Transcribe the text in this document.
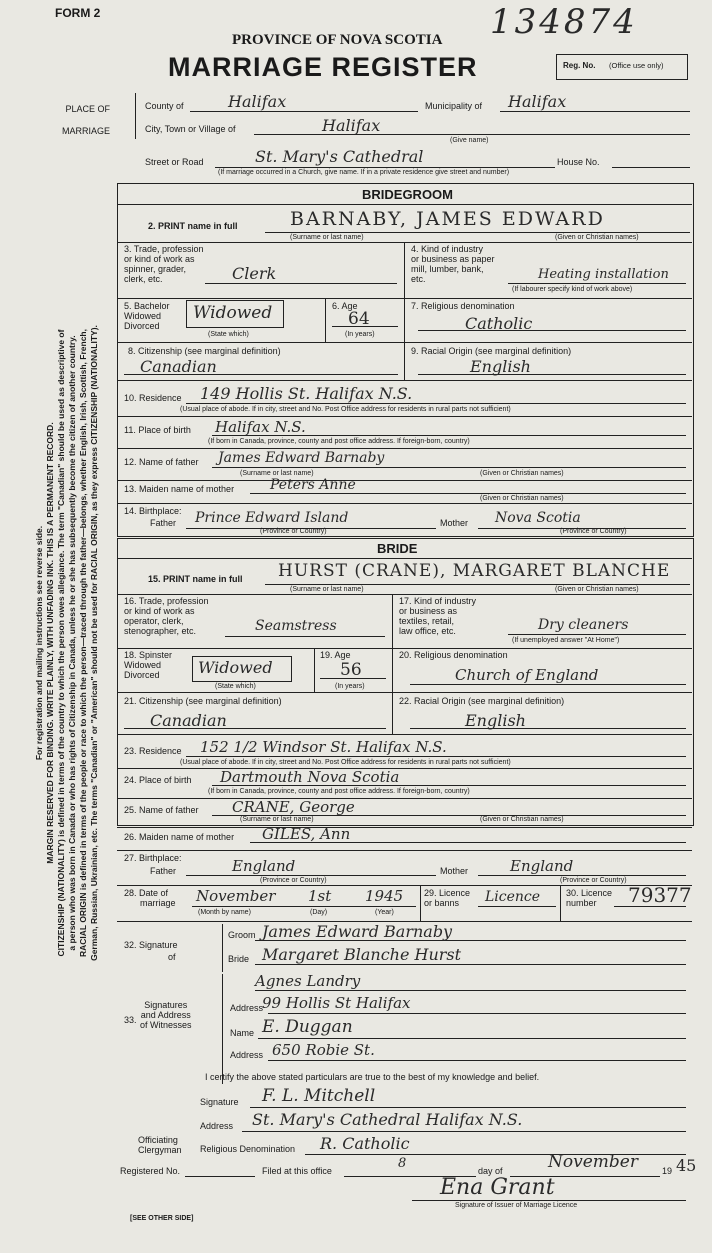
FORM 2	134874
PROVINCE OF NOVA SCOTIA
MARRIAGE REGISTER	Reg. No. (Office use only)
For registration and mailing instructions see reverse side. MARGIN RESERVED FOR BINDING. WRITE PLAINLY, WITH UNFADING INK. THIS IS A PERMANENT RECORD. CITIZENSHIP (NATIONALITY) is defined in terms of the country to which the person owes allegiance. The term "Canadian" should be used as descriptive of a person who was born in Canada or who has rights of Citizenship in Canada, unless he or she has subsequently become the citizen of another country. RACIAL ORIGIN is defined in terms of the people or race to which the person—traced through the father—belongs, whether English, Irish, Scottish, French, German, Russian, Ukrainian, etc. The terms "Canadian" or "American" should not be used for RACIAL ORIGIN, as they express CITIZENSHIP (NATIONALITY).
PLACE OF
MARRIAGE
County of	Halifax	Municipality of Halifax
City, Town or Village of	Halifax
(Give name)
Street or Road	St. Mary's Cathedral	House No.
(If marriage occurred in a Church, give name. If in a private residence give street and number)
BRIDEGROOM
2. PRINT name in full	BARNABY, JAMES EDWARD
(Surname or last name)	(Given or Christian names)
3. Trade, profession
or kind of work as
spinner, grader,
clerk, etc.	Clerk
4. Kind of industry
or business as paper
mill, lumber, bank,
etc.	Heating installation
(If labourer specify kind of work above)
5. Bachelor
Widowed
Divorced
Widowed
(State which)
6. Age
64
(In years)
7. Religious denomination
Catholic
8. Citizenship (see marginal definition)
Canadian
9. Racial Origin (see marginal definition)
English
10. Residence 149 Hollis St. Halifax N.S.
(Usual place of abode. If in city, street and No. Post Office address for residents in rural parts not sufficient)
11. Place of birth Halifax N.S.
(If born in Canada, province, county and post office address. If foreign-born, country)
12. Name of father James Edward Barnaby
(Surname or last name)	(Given or Christian names)
13. Maiden name of mother	Peters Anne
(Given or Christian names)
14. Birthplace:
Father Prince Edward Island	Mother Nova Scotia
(Province or Country)	(Province or Country)
BRIDE
15. PRINT name in full HURST (CRANE), MARGARET BLANCHE
(Surname or last name)	(Given or Christian names)
16. Trade, profession
or kind of work as
operator, clerk,
stenographer, etc.	Seamstress
17. Kind of industry
or business as
textiles, retail,
law office, etc.	Dry cleaners
(If unemployed answer "At Home")
18. Spinster
Widowed
Divorced	Widowed
(State which)
19. Age
56
(In years)
20. Religious denomination
Church of England
21. Citizenship (see marginal definition)
Canadian
22. Racial Origin (see marginal definition)
English
23. Residence 152 1/2 Windsor St. Halifax N.S.
(Usual place of abode. If in city, street and No. Post Office address for residents in rural parts not sufficient)
24. Place of birth Dartmouth Nova Scotia
(If born in Canada, province, county and post office address. If foreign-born, country)
25. Name of father CRANE, George
(Surname or last name)	(Given or Christian names)
26. Maiden name of mother GILES, Ann
27. Birthplace:
Father	England	Mother	England
(Province or Country)	(Province or Country)
28. Date of
marriage November 1st 1945
(Month by name)	(Day)	(Year)
29. Licence
or banns	Licence	30. Licence
number	79377
32. Signature
of
Groom James Edward Barnaby
Bride Margaret Blanche Hurst
33.
Signatures
and Address
of Witnesses
Agnes Landry
Address
99 Hollis St Halifax
Name E. Duggan
Address 650 Robie St.
I certify the above stated particulars are true to the best of my knowledge and belief.
Officiating
Clergyman
Signature F. L. Mitchell
Address St. Mary's Cathedral Halifax N.S.
Religious Denomination R. Catholic
Registered No.	Filed at this office	8	day of	November	19 45
Ena Grant
Signature of Issuer of Marriage Licence
[SEE OTHER SIDE]
